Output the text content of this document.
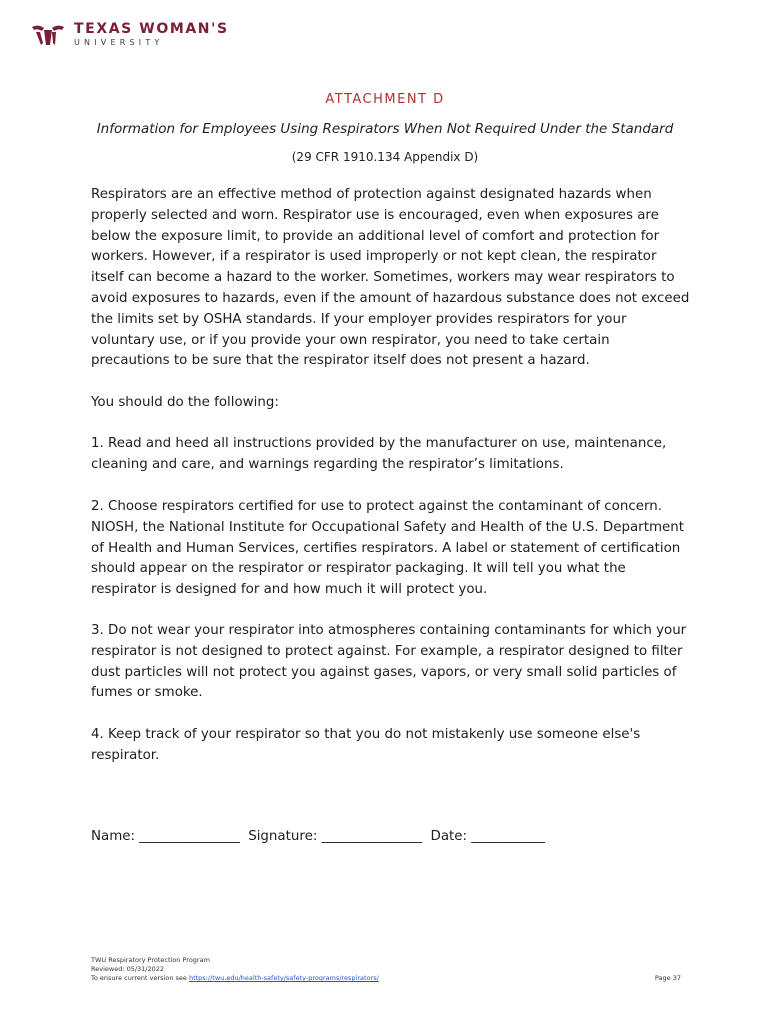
TEXAS WOMAN'S
UNIVERSITY
ATTACHMENT D
Information for Employees Using Respirators When Not Required Under the Standard
(29 CFR 1910.134 Appendix D)

Respirators are an effective method of protection against designated hazards when properly selected and worn. Respirator use is encouraged, even when exposures are below the exposure limit, to provide an additional level of comfort and protection for workers. However, if a respirator is used improperly or not kept clean, the respirator itself can become a hazard to the worker. Sometimes, workers may wear respirators to avoid exposures to hazards, even if the amount of hazardous substance does not exceed the limits set by OSHA standards. If your employer provides respirators for your voluntary use, or if you provide your own respirator, you need to take certain precautions to be sure that the respirator itself does not present a hazard.

You should do the following:

1. Read and heed all instructions provided by the manufacturer on use, maintenance, cleaning and care, and warnings regarding the respirator’s limitations.

2. Choose respirators certified for use to protect against the contaminant of concern. NIOSH, the National Institute for Occupational Safety and Health of the U.S. Department of Health and Human Services, certifies respirators. A label or statement of certification should appear on the respirator or respirator packaging. It will tell you what the respirator is designed for and how much it will protect you.

3. Do not wear your respirator into atmospheres containing contaminants for which your respirator is not designed to protect against. For example, a respirator designed to filter dust particles will not protect you against gases, vapors, or very small solid particles of fumes or smoke.

4. Keep track of your respirator so that you do not mistakenly use someone else's respirator.

Name: _______________  Signature: _______________  Date: ___________
TWU Respiratory Protection Program
Reviewed: 05/31/2022
To ensure current version see https://twu.edu/health-safety/safety-programs/respirators/	Page 37
